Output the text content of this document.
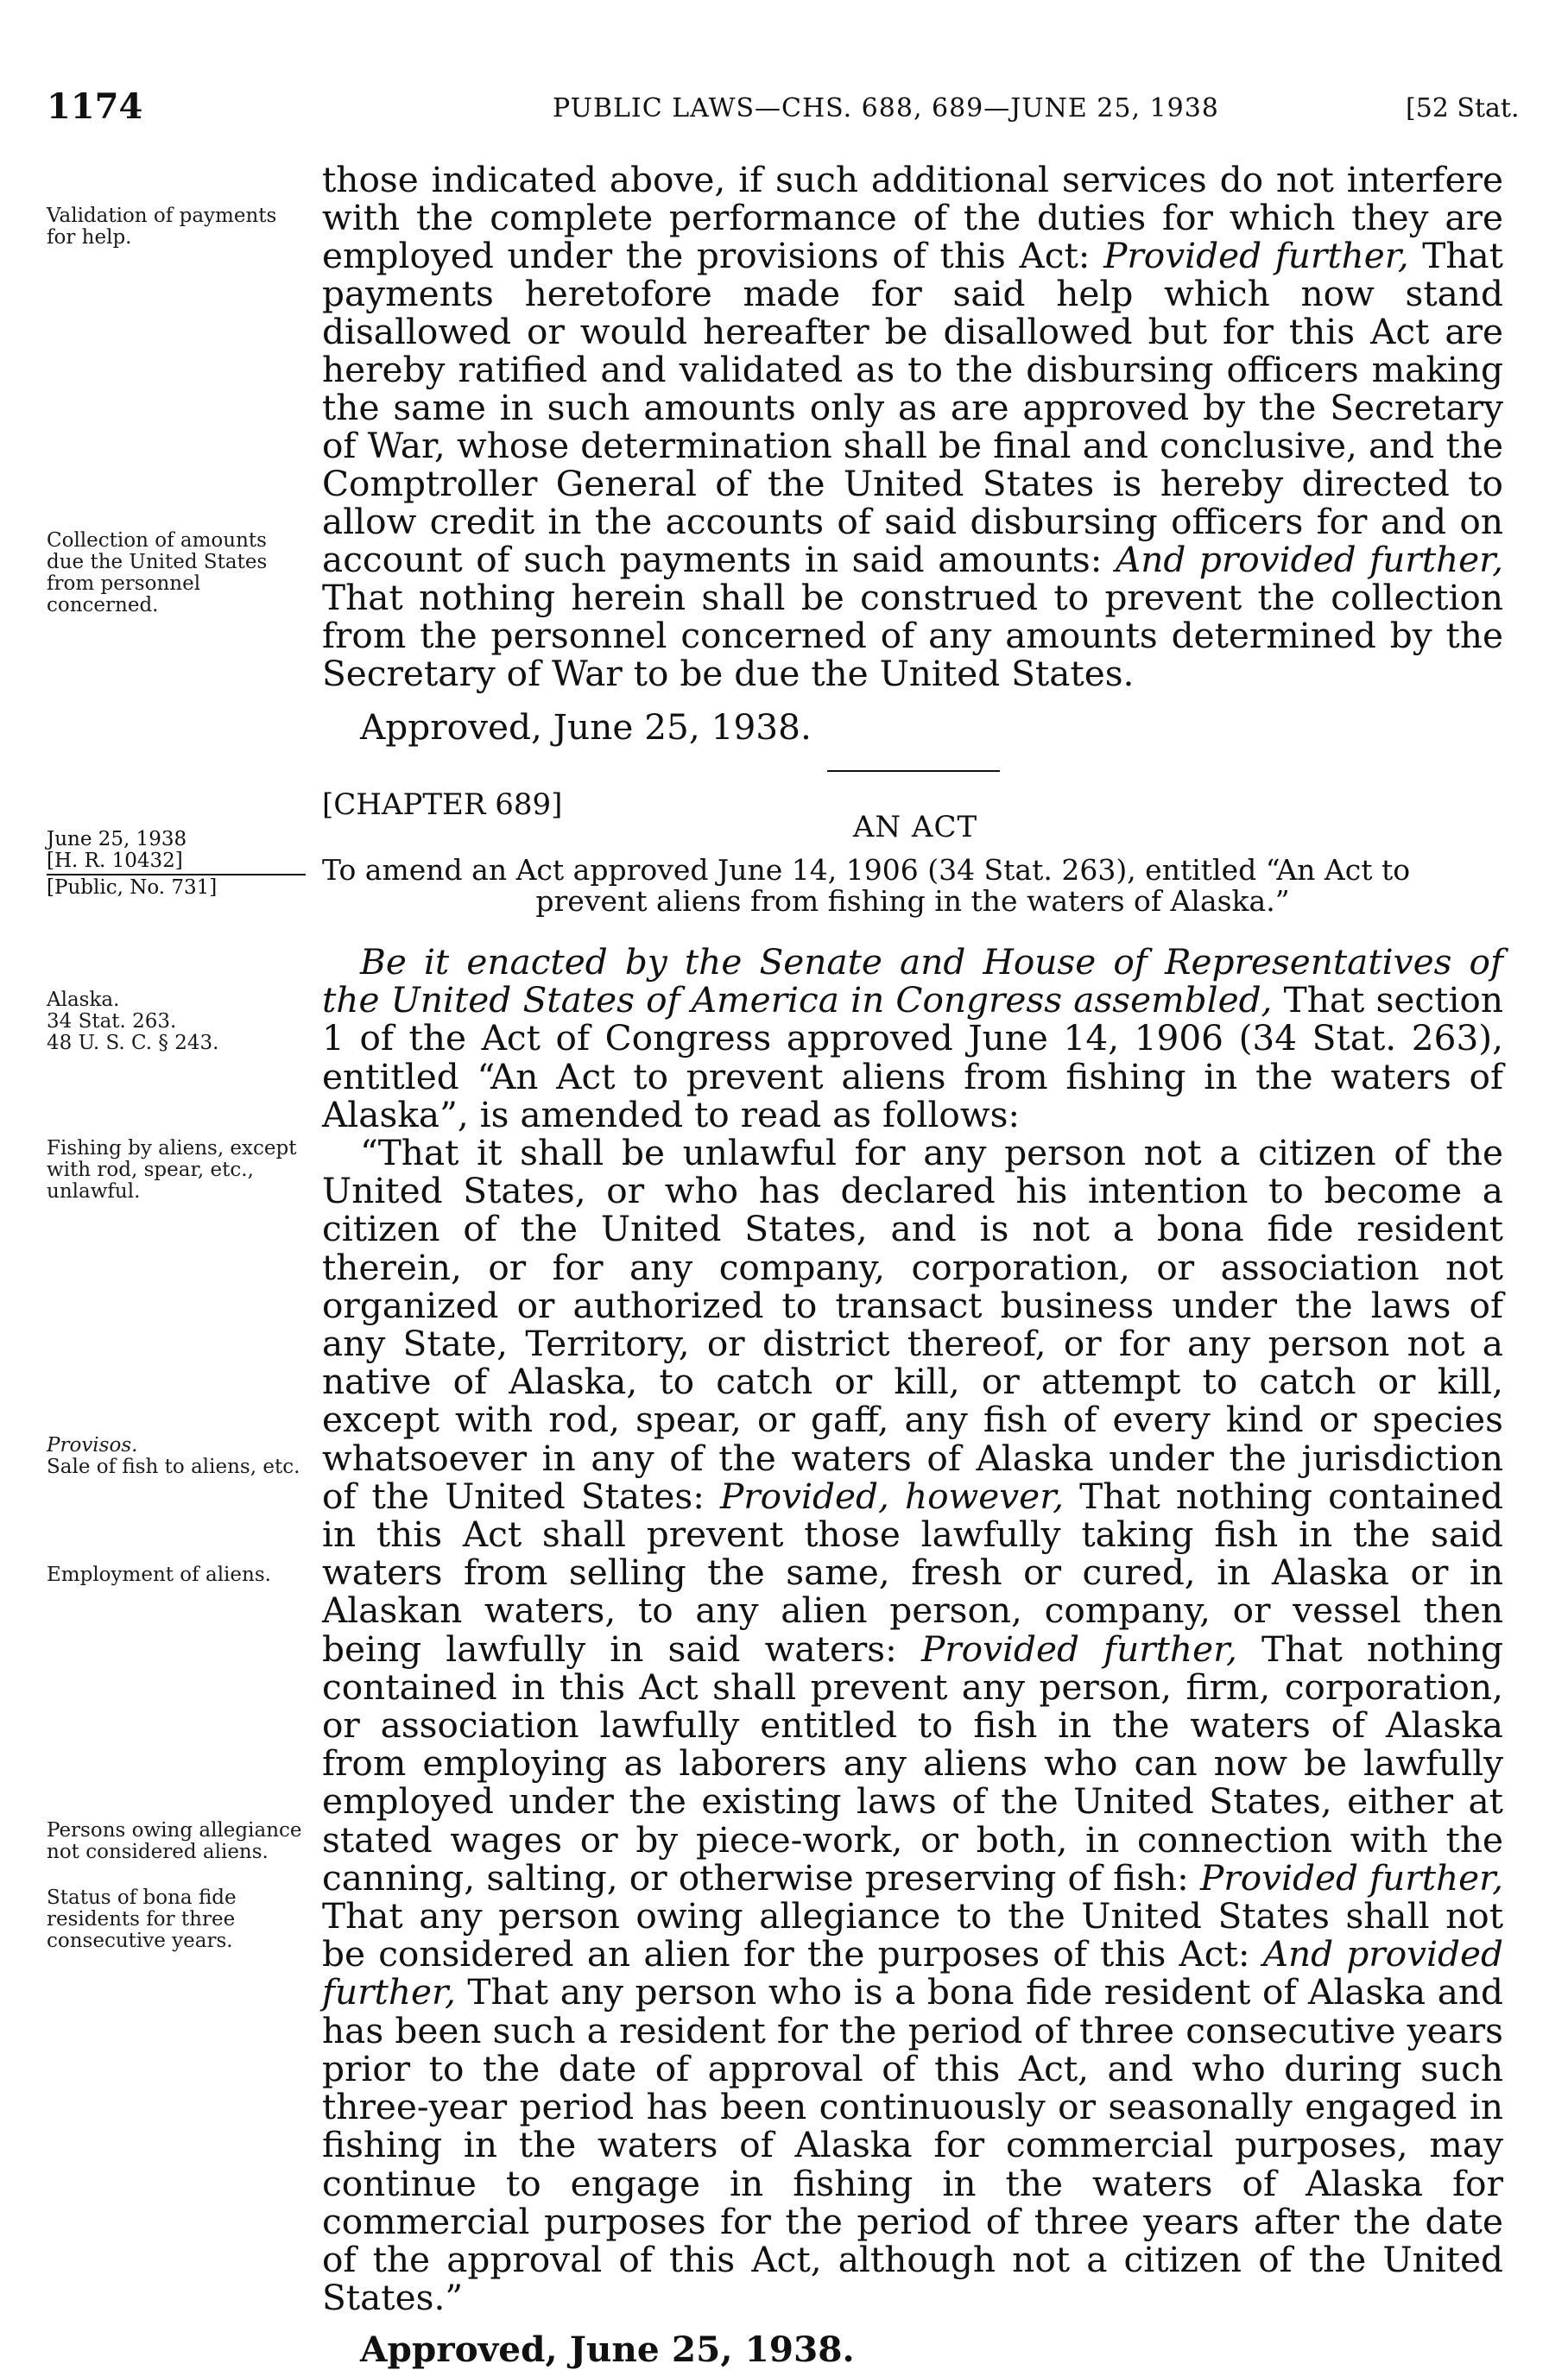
1174	PUBLIC LAWS—CHS. 688, 689—JUNE 25, 1938	[52 Stat.

those indicated above, if such additional services do not interfere with the complete performance of the duties for which they are employed under the provisions of this Act: Provided further, That payments heretofore made for said help which now stand disallowed or would hereafter be disallowed but for this Act are hereby ratified and validated as to the disbursing officers making the same in such amounts only as are approved by the Secretary of War, whose determination shall be final and conclusive, and the Comptroller General of the United States is hereby directed to allow credit in the accounts of said disbursing officers for and on account of such payments in said amounts: And provided further, That nothing herein shall be construed to prevent the collection from the personnel concerned of any amounts determined by the Secretary of War to be due the United States.

Approved, June 25, 1938.

[CHAPTER 689]
AN ACT
To amend an Act approved June 14, 1906 (34 Stat. 263), entitled “An Act to
prevent aliens from fishing in the waters of Alaska.”

Be it enacted by the Senate and House of Representatives of the United States of America in Congress assembled, That section 1 of the Act of Congress approved June 14, 1906 (34 Stat. 263), entitled “An Act to prevent aliens from fishing in the waters of Alaska”, is amended to read as follows:

“That it shall be unlawful for any person not a citizen of the United States, or who has declared his intention to become a citizen of the United States, and is not a bona fide resident therein, or for any company, corporation, or association not organized or authorized to transact business under the laws of any State, Territory, or district thereof, or for any person not a native of Alaska, to catch or kill, or attempt to catch or kill, except with rod, spear, or gaff, any fish of every kind or species whatsoever in any of the waters of Alaska under the jurisdiction of the United States: Provided, however, That nothing contained in this Act shall prevent those lawfully taking fish in the said waters from selling the same, fresh or cured, in Alaska or in Alaskan waters, to any alien person, company, or vessel then being lawfully in said waters: Provided further, That nothing contained in this Act shall prevent any person, firm, corporation, or association lawfully entitled to fish in the waters of Alaska from employing as laborers any aliens who can now be lawfully employed under the existing laws of the United States, either at stated wages or by piece-work, or both, in connection with the canning, salting, or otherwise preserving of fish: Provided further, That any person owing allegiance to the United States shall not be considered an alien for the purposes of this Act: And provided further, That any person who is a bona fide resident of Alaska and has been such a resident for the period of three consecutive years prior to the date of approval of this Act, and who during such three-year period has been continuously or seasonally engaged in fishing in the waters of Alaska for commercial purposes, may continue to engage in fishing in the waters of Alaska for commercial purposes for the period of three years after the date of the approval of this Act, although not a citizen of the United States.”

Approved, June 25, 1938.

Validation of payments for help.
Collection of amounts due the United States from personnel concerned.
June 25, 1938

[H. R. 10432]
[Public, No. 731]
Alaska.
34 Stat. 263.
48 U. S. C. § 243.
Fishing by aliens, except with rod, spear, etc., unlawful.
Provisos.
Sale of fish to aliens, etc.
Employment of aliens.
Persons owing allegiance not considered aliens.
Status of bona fide residents for three consecutive years.
